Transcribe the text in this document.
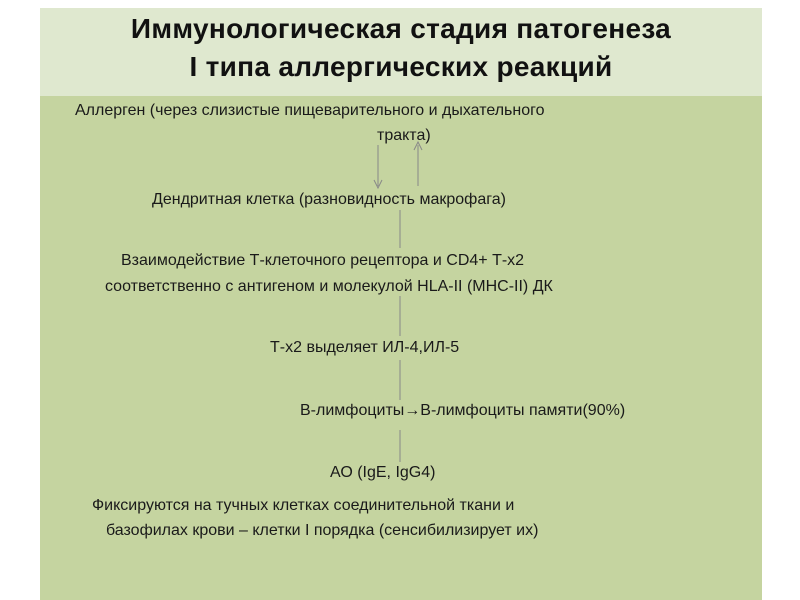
Иммунологическая стадия патогенеза
I типа аллергических реакций
Аллерген (через слизистые пищеварительного и дыхательного
тракта)
Дендритная клетка (разновидность макрофага)
Взаимодействие Т-клеточного рецептора и CD4+ Т-х2
соответственно с антигеном и молекулой HLA-II (МНС-II) ДК
Т-х2 выделяет ИЛ-4,ИЛ-5
В-лимфоциты→В-лимфоциты памяти(90%)
АО (IgE, IgG4)
Фиксируются на тучных клетках соединительной ткани и
базофилах крови – клетки I порядка (сенсибилизирует их)
